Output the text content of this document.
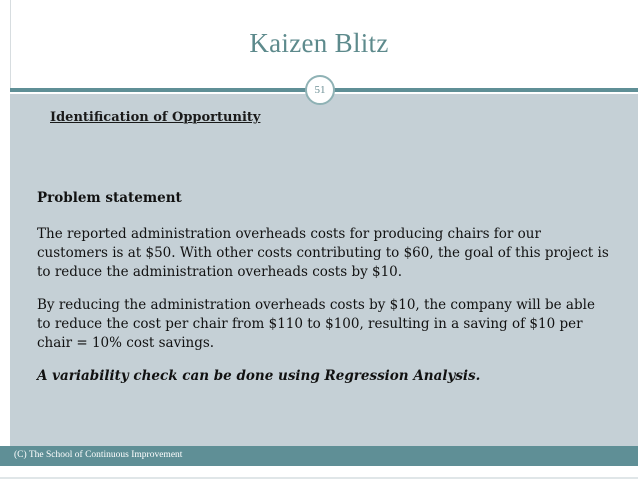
Kaizen Blitz
51
Identification of Opportunity

Problem statement

The reported administration overheads costs for producing chairs for our customers is at $50. With other costs contributing to $60, the goal of this project is to reduce the administration overheads costs by $10.

By reducing the administration overheads costs by $10, the company will be able to reduce the cost per chair from $110 to $100, resulting in a saving of $10 per chair = 10% cost savings.

A variability check can be done using Regression Analysis.

(C) The School of Continuous Improvement
